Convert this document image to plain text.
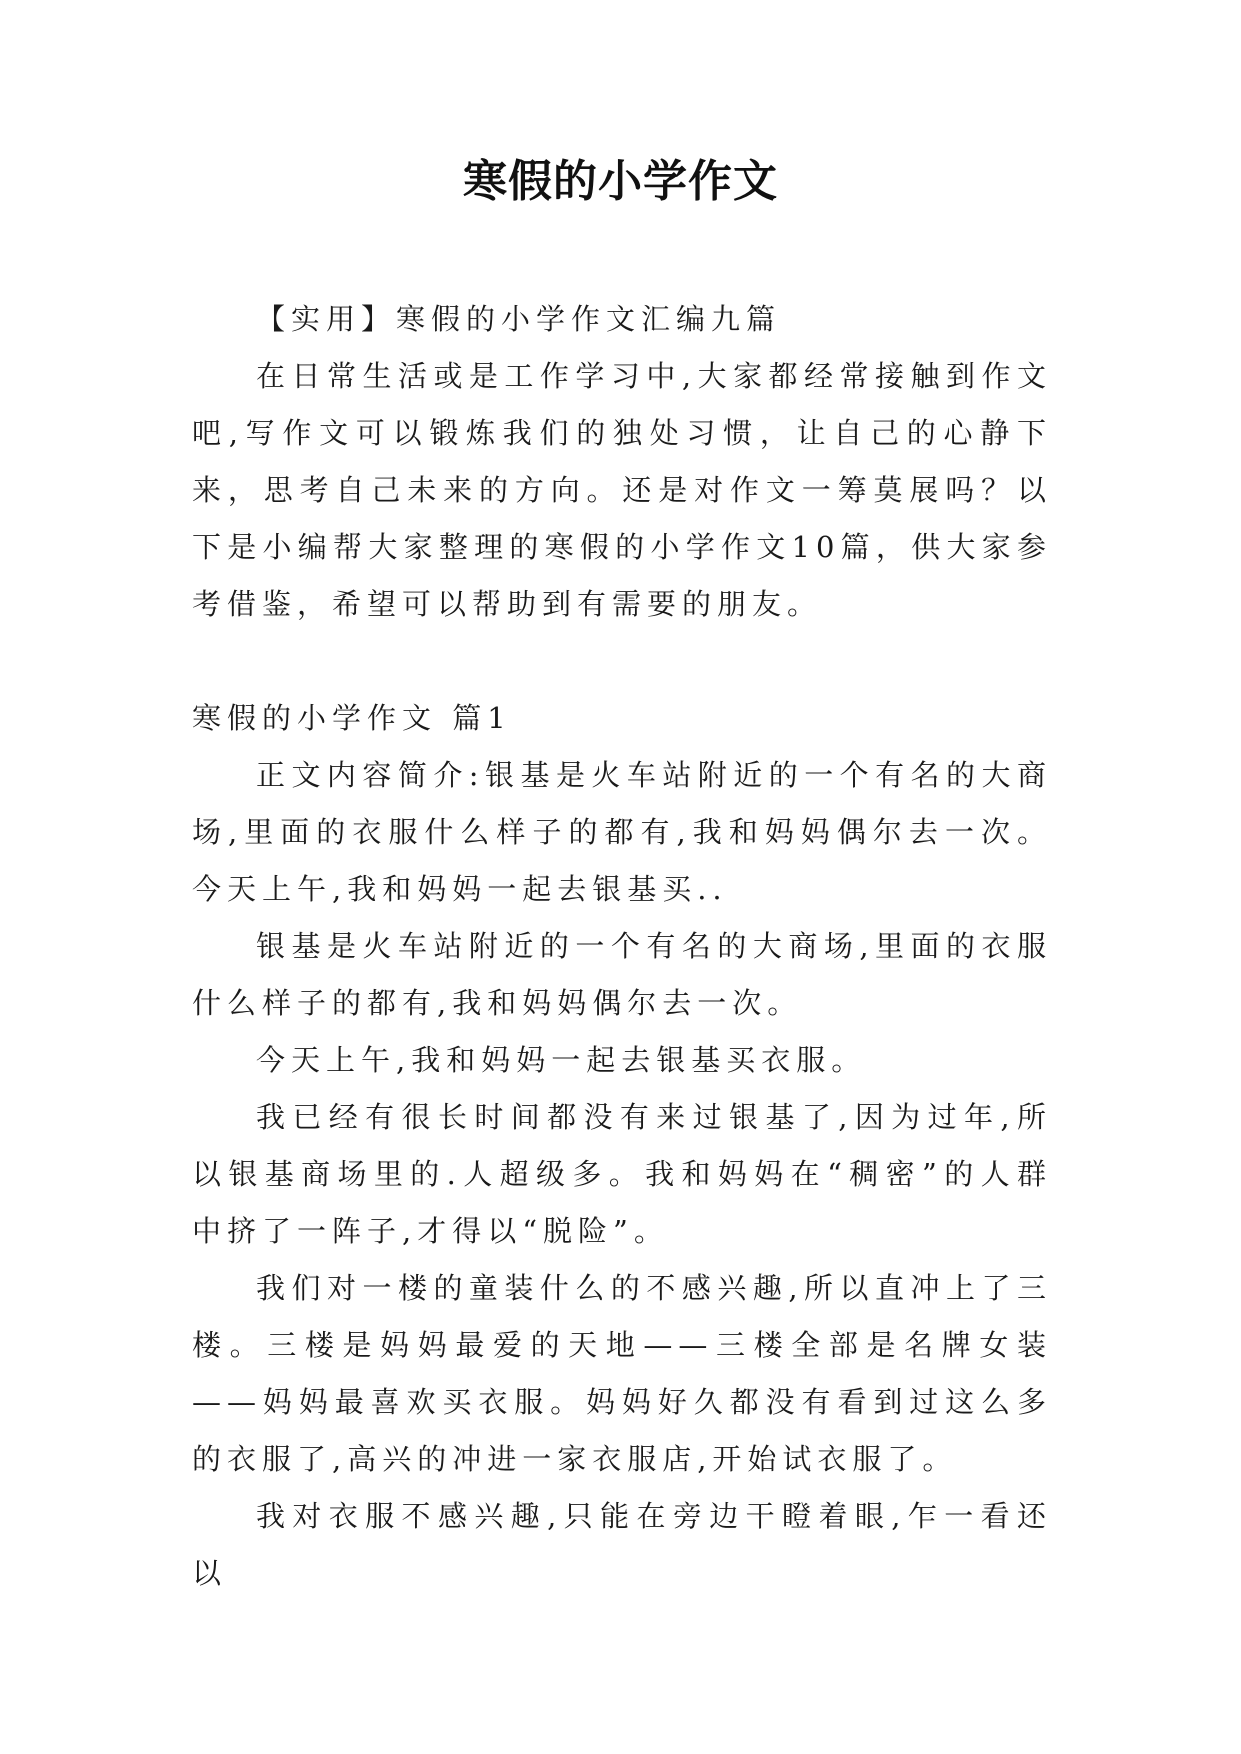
寒假的小学作文

【实用】寒假的小学作文汇编九篇

在日常生活或是工作学习中,大家都经常接触到作文吧,写作文可以锻炼我们的独处习惯，让自己的心静下来，思考自己未来的方向。还是对作文一筹莫展吗？以下是小编帮大家整理的寒假的小学作文10篇，供大家参考借鉴，希望可以帮助到有需要的朋友。

寒假的小学作文 篇1

正文内容简介:银基是火车站附近的一个有名的大商场,里面的衣服什么样子的都有,我和妈妈偶尔去一次。今天上午,我和妈妈一起去银基买..

银基是火车站附近的一个有名的大商场,里面的衣服什么样子的都有,我和妈妈偶尔去一次。

今天上午,我和妈妈一起去银基买衣服。

我已经有很长时间都没有来过银基了,因为过年,所以银基商场里的.人超级多。我和妈妈在“稠密”的人群中挤了一阵子,才得以“脱险”。

我们对一楼的童装什么的不感兴趣,所以直冲上了三楼。三楼是妈妈最爱的天地——三楼全部是名牌女装——妈妈最喜欢买衣服。妈妈好久都没有看到过这么多的衣服了,高兴的冲进一家衣服店,开始试衣服了。

我对衣服不感兴趣,只能在旁边干瞪着眼,乍一看还以
